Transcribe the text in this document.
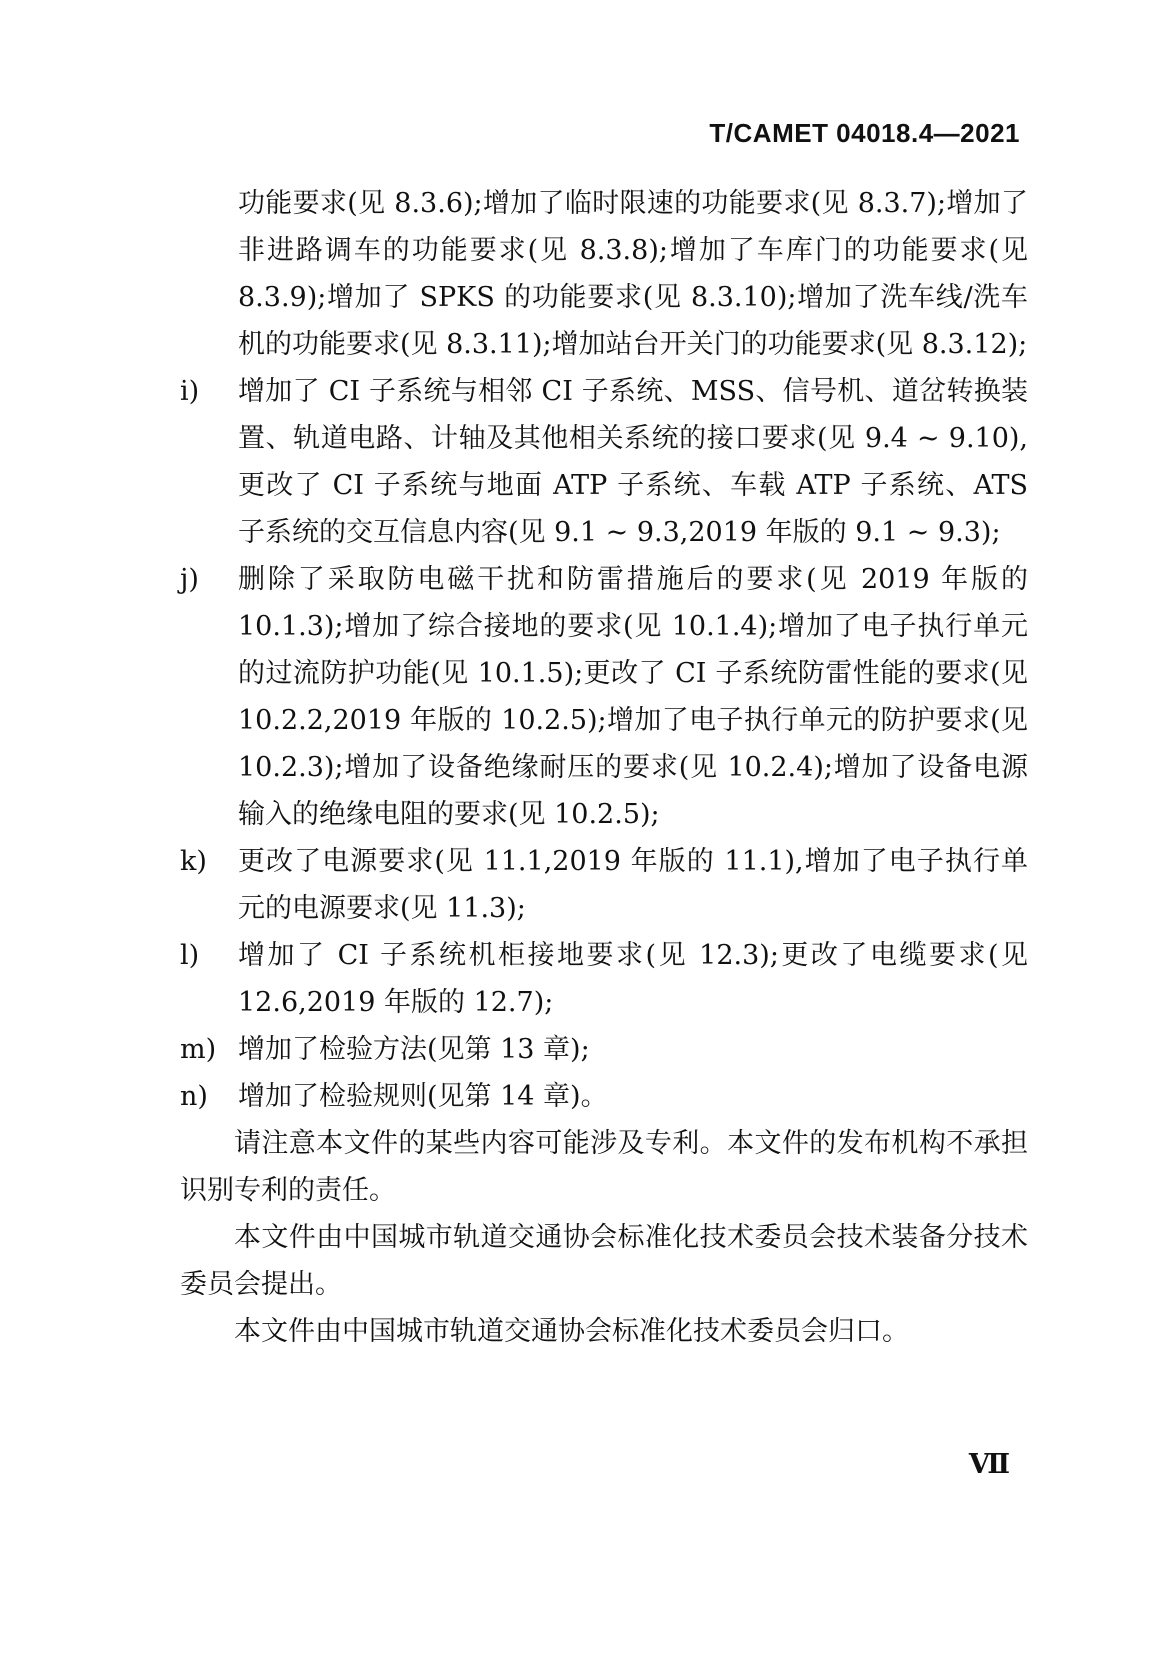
T/CAMET 04018.4—2021
功能要求(见 8.3.6);增加了临时限速的功能要求(见 8.3.7);增加了非进路调车的功能要求(见 8.3.8);增加了车库门的功能要求(见 8.3.9);增加了 SPKS 的功能要求(见 8.3.10);增加了洗车线/洗车机的功能要求(见 8.3.11);增加站台开关门的功能要求(见 8.3.12);
i)	增加了 CI 子系统与相邻 CI 子系统、MSS、信号机、道岔转换装置、轨道电路、计轴及其他相关系统的接口要求(见 9.4 ~ 9.10),更改了 CI 子系统与地面 ATP 子系统、车载 ATP 子系统、ATS 子系统的交互信息内容(见 9.1 ~ 9.3,2019 年版的 9.1 ~ 9.3);
j)	删除了采取防电磁干扰和防雷措施后的要求(见 2019 年版的 10.1.3);增加了综合接地的要求(见 10.1.4);增加了电子执行单元的过流防护功能(见 10.1.5);更改了 CI 子系统防雷性能的要求(见 10.2.2,2019 年版的 10.2.5);增加了电子执行单元的防护要求(见 10.2.3);增加了设备绝缘耐压的要求(见 10.2.4);增加了设备电源输入的绝缘电阻的要求(见 10.2.5);
k)	更改了电源要求(见 11.1,2019 年版的 11.1),增加了电子执行单元的电源要求(见 11.3);
l)	增加了 CI 子系统机柜接地要求(见 12.3);更改了电缆要求(见 12.6,2019 年版的 12.7);
m) 增加了检验方法(见第 13 章);
n)	增加了检验规则(见第 14 章)。
请注意本文件的某些内容可能涉及专利。本文件的发布机构不承担识别专利的责任。
本文件由中国城市轨道交通协会标准化技术委员会技术装备分技术委员会提出。
本文件由中国城市轨道交通协会标准化技术委员会归口。
Ⅶ
